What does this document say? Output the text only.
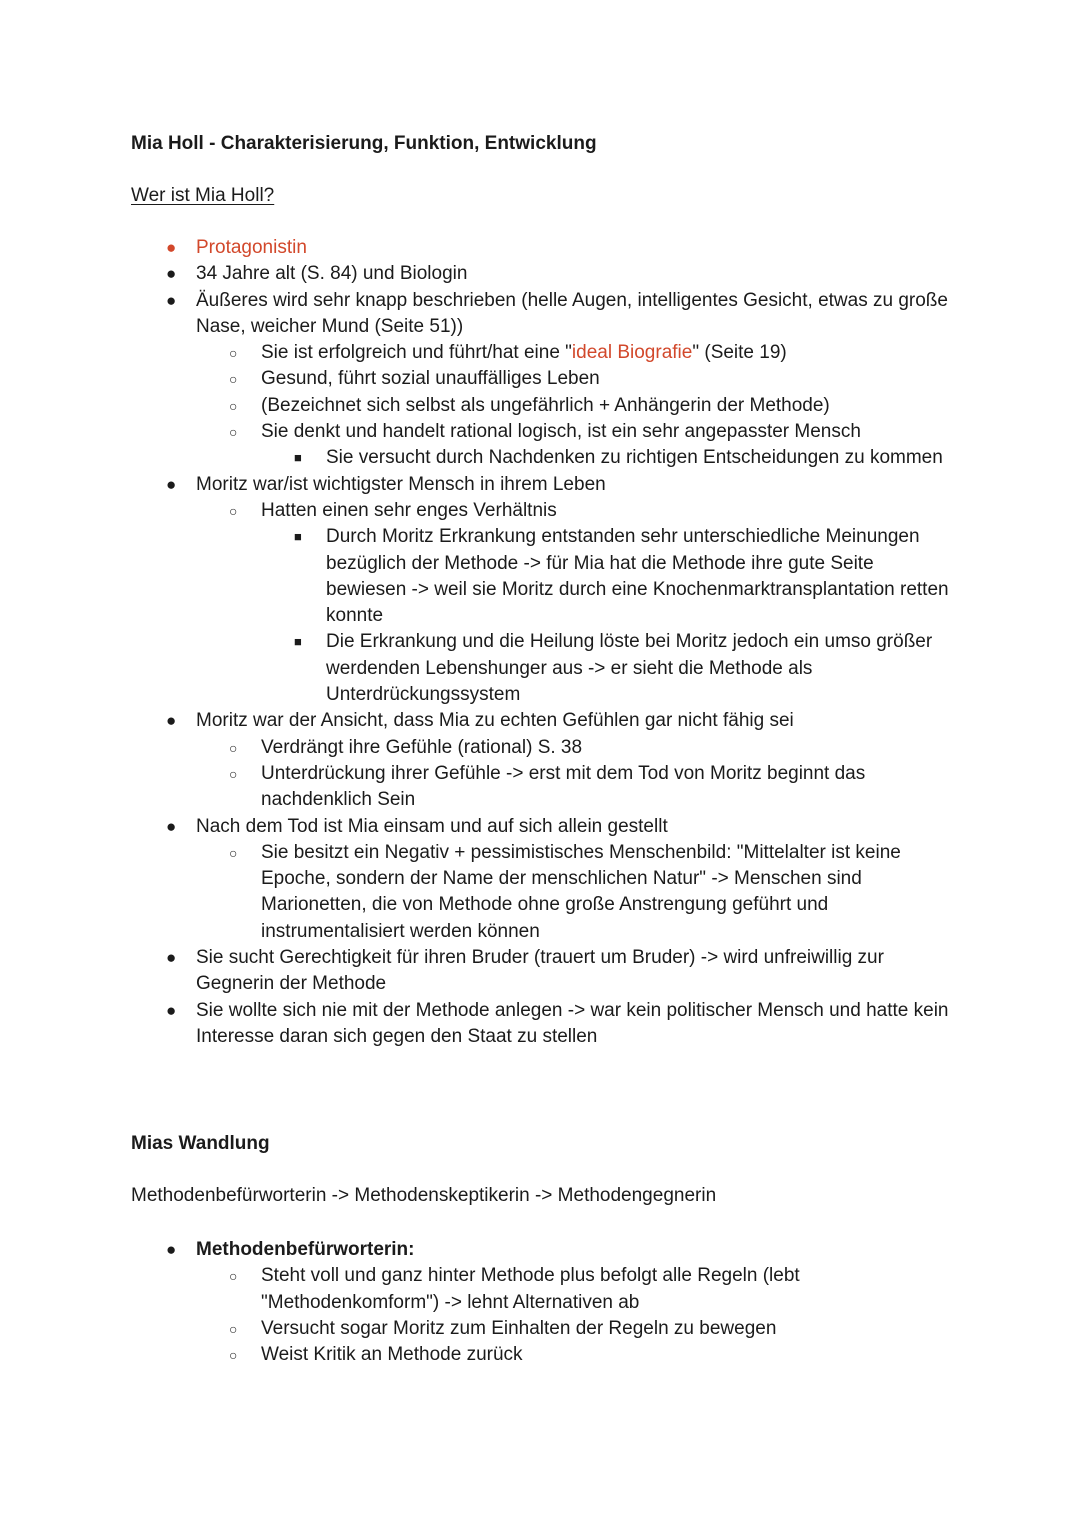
Mia Holl - Charakterisierung, Funktion, Entwicklung
Wer ist Mia Holl?
● Protagonistin
● 34 Jahre alt (S. 84) und Biologin
● Äußeres wird sehr knapp beschrieben (helle Augen, intelligentes Gesicht, etwas zu große Nase, weicher Mund (Seite 51))
○ Sie ist erfolgreich und führt/hat eine "ideal Biografie" (Seite 19)
○ Gesund, führt sozial unauffälliges Leben
○ (Bezeichnet sich selbst als ungefährlich + Anhängerin der Methode)
○ Sie denkt und handelt rational logisch, ist ein sehr angepasster Mensch
■ Sie versucht durch Nachdenken zu richtigen Entscheidungen zu kommen
● Moritz war/ist wichtigster Mensch in ihrem Leben
○ Hatten einen sehr enges Verhältnis
■ Durch Moritz Erkrankung entstanden sehr unterschiedliche Meinungen bezüglich der Methode -> für Mia hat die Methode ihre gute Seite bewiesen -> weil sie Moritz durch eine Knochenmarktransplantation retten konnte
■ Die Erkrankung und die Heilung löste bei Moritz jedoch ein umso größer werdenden Lebenshunger aus -> er sieht die Methode als Unterdrückungssystem
● Moritz war der Ansicht, dass Mia zu echten Gefühlen gar nicht fähig sei
○ Verdrängt ihre Gefühle (rational) S. 38
○ Unterdrückung ihrer Gefühle -> erst mit dem Tod von Moritz beginnt das nachdenklich Sein
● Nach dem Tod ist Mia einsam und auf sich allein gestellt
○ Sie besitzt ein Negativ + pessimistisches Menschenbild: "Mittelalter ist keine Epoche, sondern der Name der menschlichen Natur" -> Menschen sind Marionetten, die von Methode ohne große Anstrengung geführt und instrumentalisiert werden können
● Sie sucht Gerechtigkeit für ihren Bruder (trauert um Bruder) -> wird unfreiwillig zur Gegnerin der Methode
● Sie wollte sich nie mit der Methode anlegen -> war kein politischer Mensch und hatte kein Interesse daran sich gegen den Staat zu stellen
Mias Wandlung
Methodenbefürworterin -> Methodenskeptikerin -> Methodengegnerin
● Methodenbefürworterin:
○ Steht voll und ganz hinter Methode plus befolgt alle Regeln (lebt "Methodenkomform") -> lehnt Alternativen ab
○ Versucht sogar Moritz zum Einhalten der Regeln zu bewegen
○ Weist Kritik an Methode zurück
